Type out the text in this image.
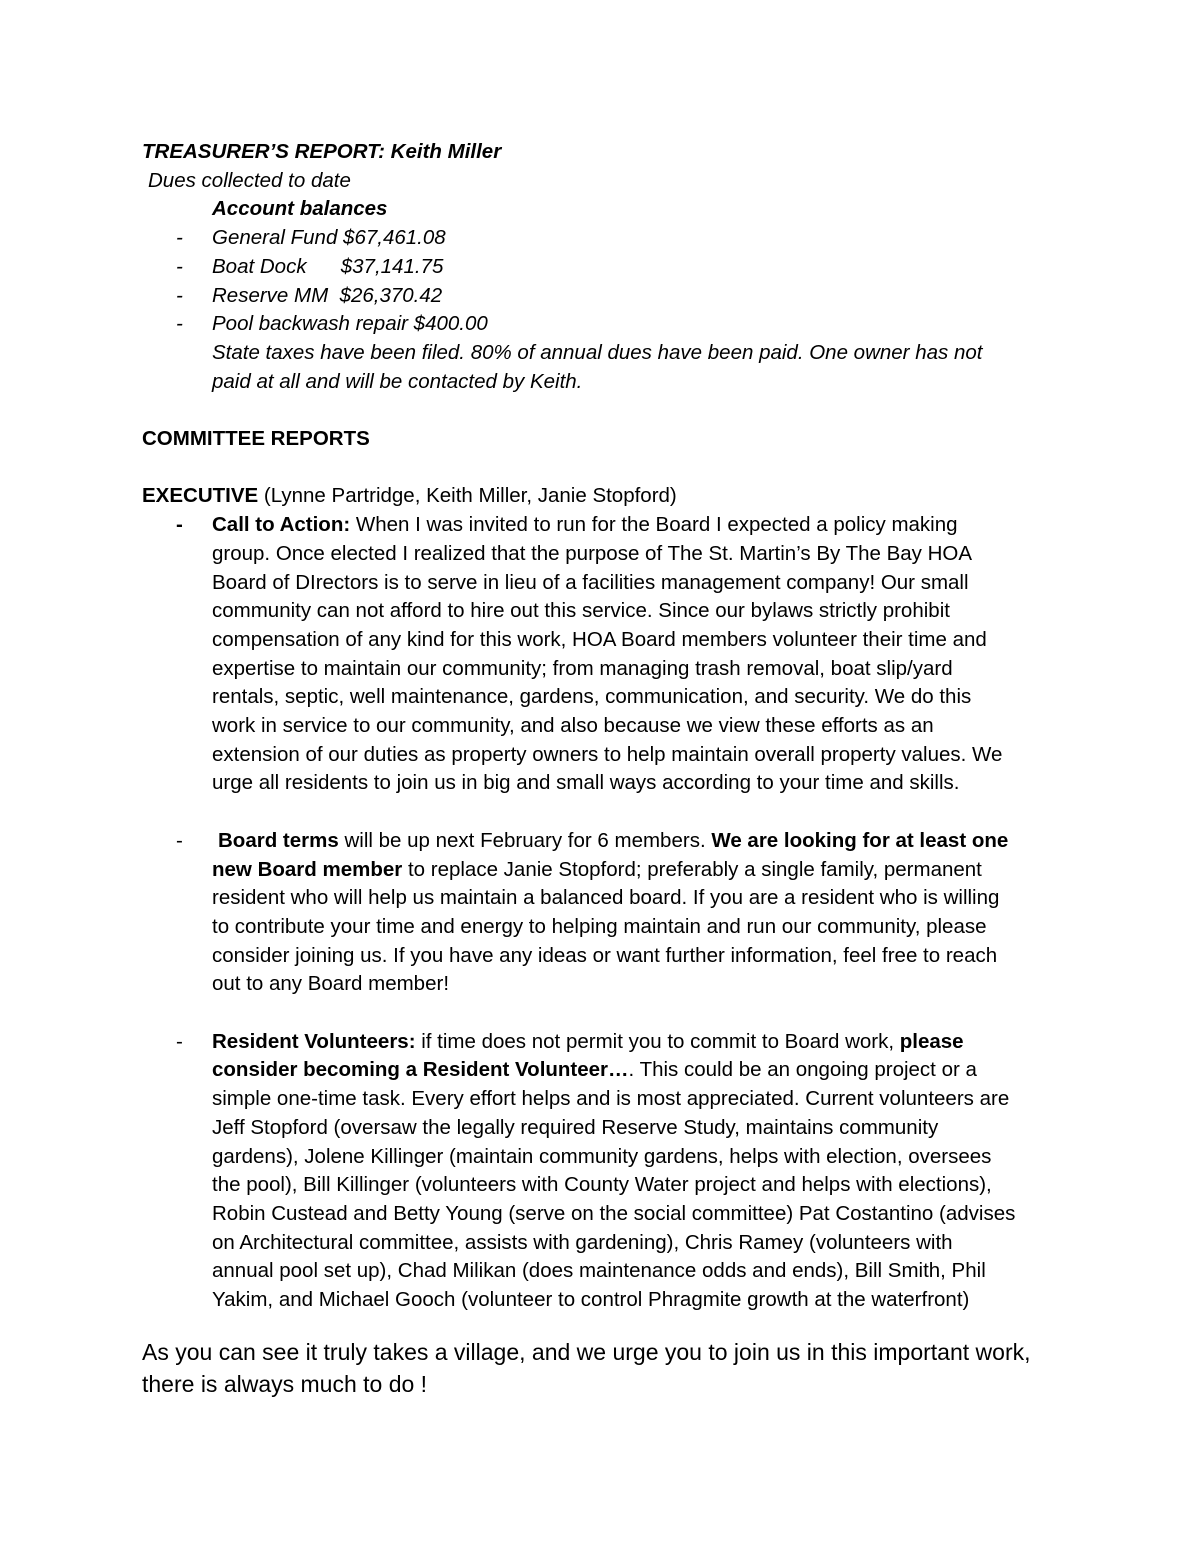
TREASURER’S REPORT: Keith Miller
Dues collected to date
Account balances
- General Fund $67,461.08
- Boat Dock      $37,141.75
- Reserve MM  $26,370.42
- Pool backwash repair $400.00
State taxes have been filed. 80% of annual dues have been paid. One owner has not
paid at all and will be contacted by Keith.
COMMITTEE REPORTS
EXECUTIVE (Lynne Partridge, Keith Miller, Janie Stopford)
- Call to Action: When I was invited to run for the Board I expected a policy making
group. Once elected I realized that the purpose of The St. Martin’s By The Bay HOA
Board of DIrectors is to serve in lieu of a facilities management company! Our small
community can not afford to hire out this service. Since our bylaws strictly prohibit
compensation of any kind for this work, HOA Board members volunteer their time and
expertise to maintain our community; from managing trash removal, boat slip/yard
rentals, septic, well maintenance, gardens, communication, and security. We do this
work in service to our community, and also because we view these efforts as an
extension of our duties as property owners to help maintain overall property values. We
urge all residents to join us in big and small ways according to your time and skills.
- Board terms will be up next February for 6 members. We are looking for at least one
new Board member to replace Janie Stopford; preferably a single family, permanent
resident who will help us maintain a balanced board. If you are a resident who is willing
to contribute your time and energy to helping maintain and run our community, please
consider joining us. If you have any ideas or want further information, feel free to reach
out to any Board member!
- Resident Volunteers: if time does not permit you to commit to Board work, please
consider becoming a Resident Volunteer…. This could be an ongoing project or a
simple one-time task. Every effort helps and is most appreciated. Current volunteers are
Jeff Stopford (oversaw the legally required Reserve Study, maintains community
gardens), Jolene Killinger (maintain community gardens, helps with election, oversees
the pool), Bill Killinger (volunteers with County Water project and helps with elections),
Robin Custead and Betty Young (serve on the social committee) Pat Costantino (advises
on Architectural committee, assists with gardening), Chris Ramey (volunteers with
annual pool set up), Chad Milikan (does maintenance odds and ends), Bill Smith, Phil
Yakim, and Michael Gooch (volunteer to control Phragmite growth at the waterfront)
As you can see it truly takes a village, and we urge you to join us in this important work,
there is always much to do !
